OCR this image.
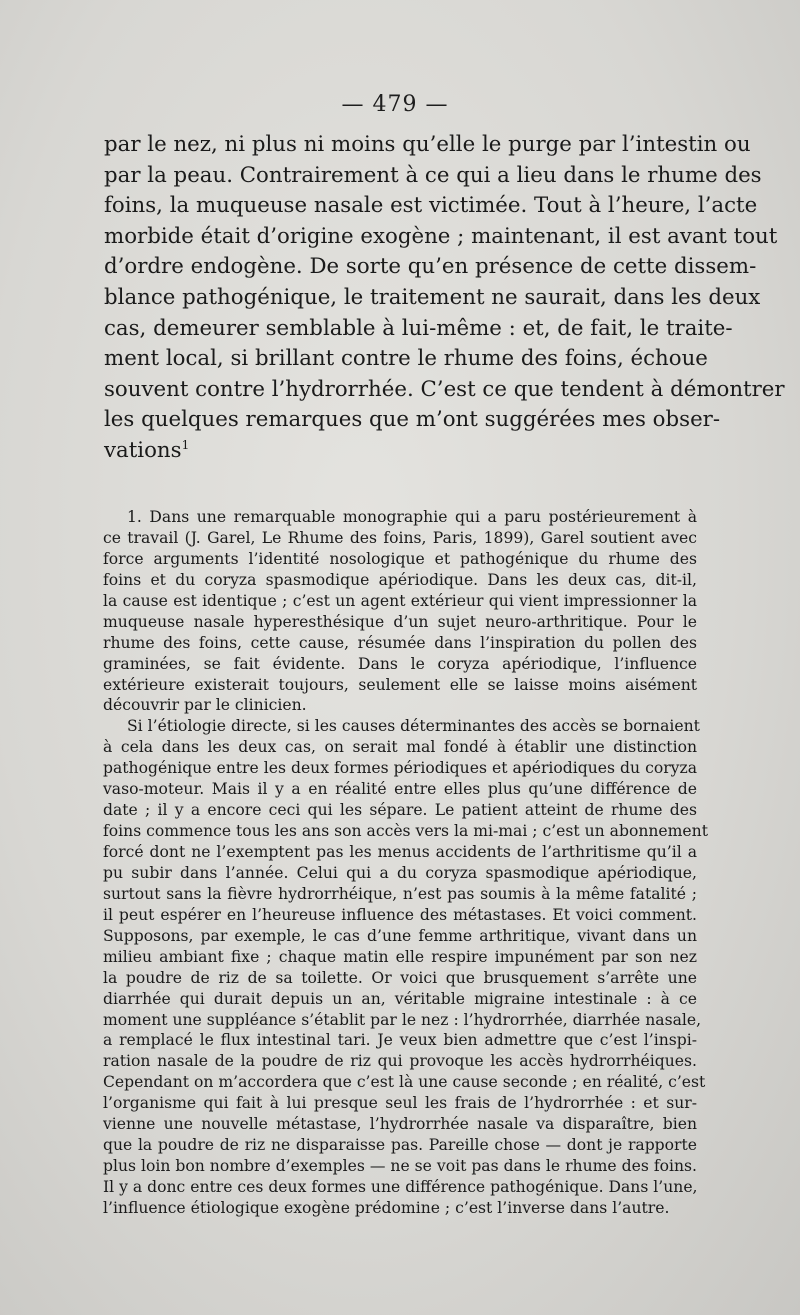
— 479 —
par le nez, ni plus ni moins qu’elle le purge par l’intestin ou
par la peau. Contrairement à ce qui a lieu dans le rhume des
foins, la muqueuse nasale est victimée. Tout à l’heure, l’acte
morbide était d’origine exogène ; maintenant, il est avant tout
d’ordre endogène. De sorte qu’en présence de cette dissem-
blance pathogénique, le traitement ne saurait, dans les deux
cas, demeurer semblable à lui-même : et, de fait, le traite-
ment local, si brillant contre le rhume des foins, échoue
souvent contre l’hydrorrhée. C’est ce que tendent à démontrer
les quelques remarques que m’ont suggérées mes obser-
vations$^1$
1. Dans une remarquable monographie qui a paru postérieurement à
ce travail (J. Garel, Le Rhume des foins, Paris, 1899), Garel soutient avec
force arguments l’identité nosologique et pathogénique du rhume des
foins et du coryza spasmodique apériodique. Dans les deux cas, dit-il,
la cause est identique ; c’est un agent extérieur qui vient impressionner la
muqueuse nasale hyperesthésique d’un sujet neuro-arthritique. Pour le
rhume des foins, cette cause, résumée dans l’inspiration du pollen des
graminées, se fait évidente. Dans le coryza apériodique, l’influence
extérieure existerait toujours, seulement elle se laisse moins aisément
découvrir par le clinicien.
Si l’étiologie directe, si les causes déterminantes des accès se bornaient
à cela dans les deux cas, on serait mal fondé à établir une distinction
pathogénique entre les deux formes périodiques et apériodiques du coryza
vaso-moteur. Mais il y a en réalité entre elles plus qu’une différence de
date ; il y a encore ceci qui les sépare. Le patient atteint de rhume des
foins commence tous les ans son accès vers la mi-mai ; c’est un abonnement
forcé dont ne l’exemptent pas les menus accidents de l’arthritisme qu’il a
pu subir dans l’année. Celui qui a du coryza spasmodique apériodique,
surtout sans la fièvre hydrorrhéique, n’est pas soumis à la même fatalité ;
il peut espérer en l’heureuse influence des métastases. Et voici comment.
Supposons, par exemple, le cas d’une femme arthritique, vivant dans un
milieu ambiant fixe ; chaque matin elle respire impunément par son nez
la poudre de riz de sa toilette. Or voici que brusquement s’arrête une
diarrhée qui durait depuis un an, véritable migraine intestinale : à ce
moment une suppléance s’établit par le nez : l’hydrorrhée, diarrhée nasale,
a remplacé le flux intestinal tari. Je veux bien admettre que c’est l’inspi-
ration nasale de la poudre de riz qui provoque les accès hydrorrhéiques.
Cependant on m’accordera que c’est là une cause seconde ; en réalité, c’est
l’organisme qui fait à lui presque seul les frais de l’hydrorrhée : et sur-
vienne une nouvelle métastase, l’hydrorrhée nasale va disparaître, bien
que la poudre de riz ne disparaisse pas. Pareille chose — dont je rapporte
plus loin bon nombre d’exemples — ne se voit pas dans le rhume des foins.
Il y a donc entre ces deux formes une différence pathogénique. Dans l’une,
l’influence étiologique exogène prédomine ; c’est l’inverse dans l’autre.
